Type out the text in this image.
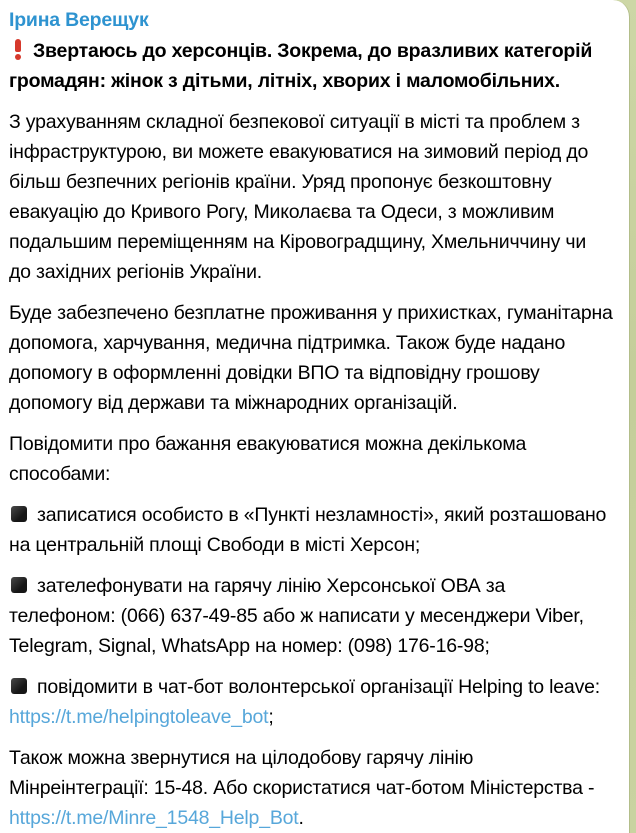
Ірина Верещук

Звертаюсь до херсонців. Зокрема, до вразливих категорій громадян: жінок з дітьми, літніх, хворих і маломобільних.

З урахуванням складної безпекової ситуації в місті та проблем з інфраструктурою, ви можете евакуюватися на зимовий період до більш безпечних регіонів країни. Уряд пропонує безкоштовну евакуацію до Кривого Рогу, Миколаєва та Одеси, з можливим подальшим переміщенням на Кіровоградщину, Хмельниччину чи до західних регіонів України.

Буде забезпечено безплатне проживання у прихистках, гуманітарна допомога, харчування, медична підтримка. Також буде надано допомогу в оформленні довідки ВПО та відповідну грошову допомогу від держави та міжнародних організацій.

Повідомити про бажання евакуюватися можна декількома способами:

записатися особисто в «Пункті незламності», який розташовано на центральній площі Свободи в місті Херсон;

зателефонувати на гарячу лінію Херсонської ОВА за телефоном: (066) 637-49-85 або ж написати у месенджери Viber, Telegram, Signal, WhatsApp на номер: (098) 176-16-98;

повідомити в чат-бот волонтерської організації Helping to leave: https://t.me/helpingtoleave_bot;

Також можна звернутися на цілодобову гарячу лінію Мінреінтеграції: 15-48. Або скористатися чат-ботом Міністерства - https://t.me/Minre_1548_Help_Bot.
